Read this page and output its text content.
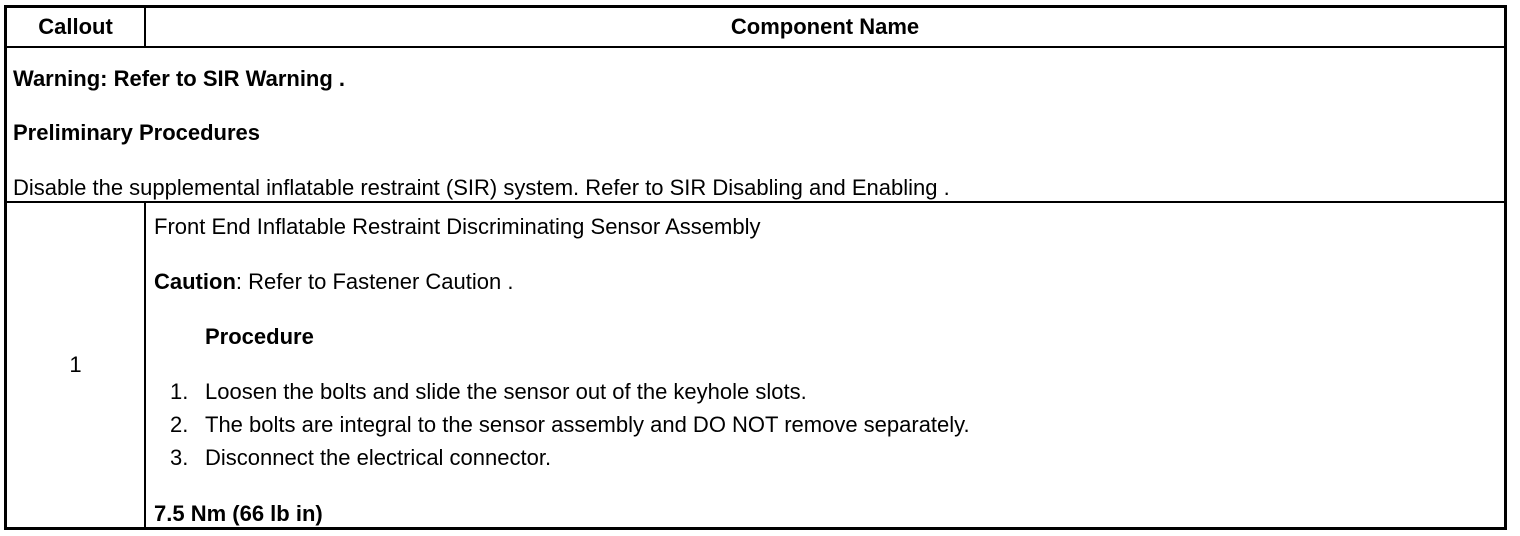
Callout	Component Name
Warning: Refer to SIR Warning .
Preliminary Procedures
Disable the supplemental inflatable restraint (SIR) system. Refer to SIR Disabling and Enabling .
1
Front End Inflatable Restraint Discriminating Sensor Assembly
Caution: Refer to Fastener Caution .
Procedure
1. Loosen the bolts and slide the sensor out of the keyhole slots.
2. The bolts are integral to the sensor assembly and DO NOT remove separately.
3. Disconnect the electrical connector.
7.5 Nm (66 lb in)
